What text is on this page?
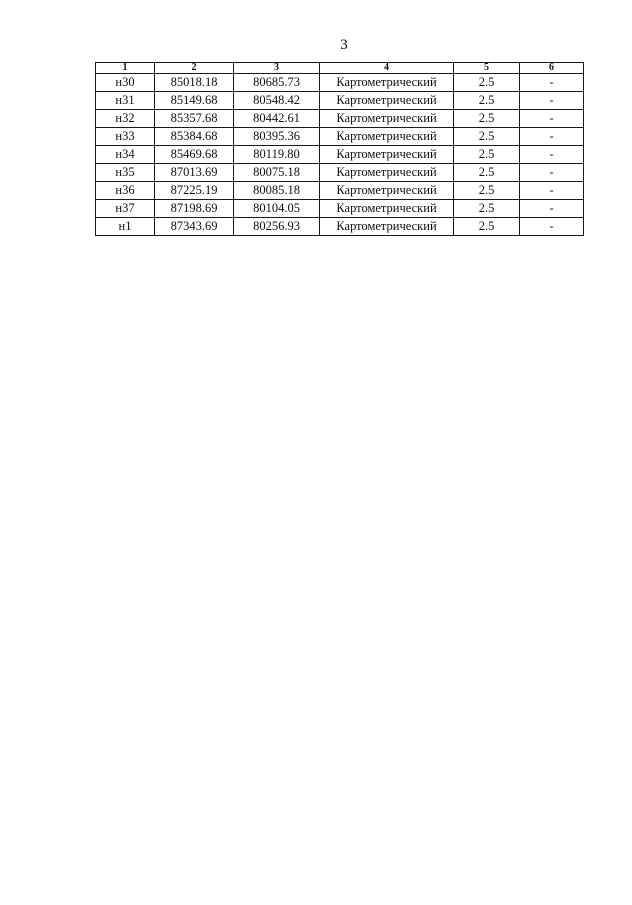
3
1	2	3	4	5	6
н30	85018.18	80685.73	Картометрический	2.5	-
н31	85149.68	80548.42	Картометрический	2.5	-
н32	85357.68	80442.61	Картометрический	2.5	-
н33	85384.68	80395.36	Картометрический	2.5	-
н34	85469.68	80119.80	Картометрический	2.5	-
н35	87013.69	80075.18	Картометрический	2.5	-
н36	87225.19	80085.18	Картометрический	2.5	-
н37	87198.69	80104.05	Картометрический	2.5	-
н1	87343.69	80256.93	Картометрический	2.5	-
